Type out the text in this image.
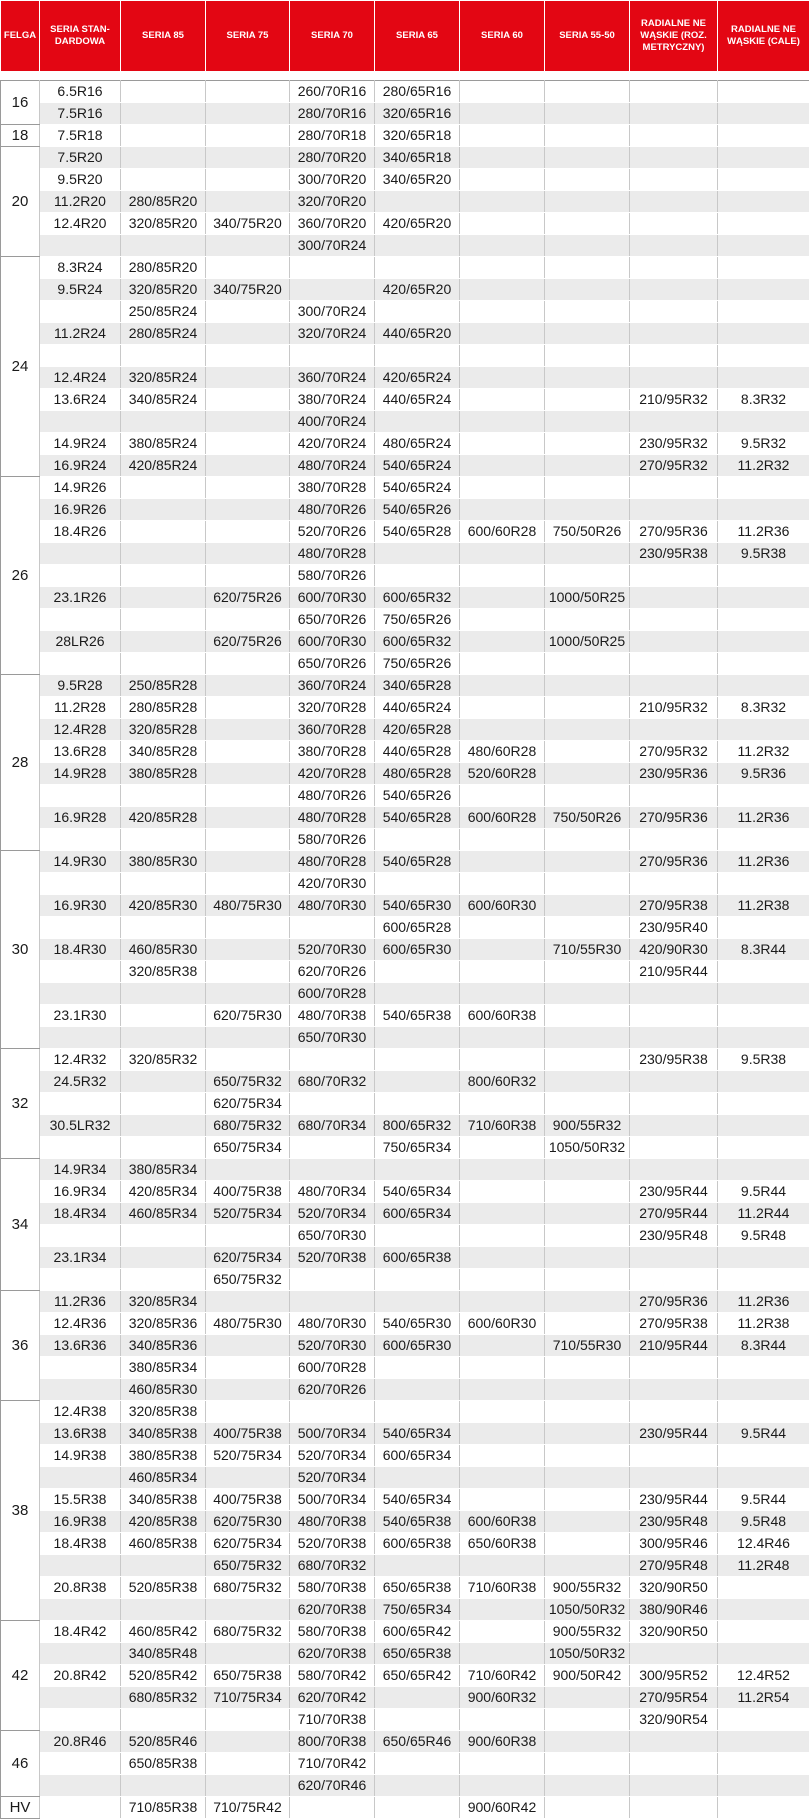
FELGA	SERIA STAN-DARDOWA	SERIA 85	SERIA 75	SERIA 70	SERIA 65	SERIA 60	SERIA 55-50	RADIALNE NE WĄSKIE (ROZ. METRYCZNY)	RADIALNE NE WĄSKIE (CALE)

16	6.5R16			260/70R16	280/65R16				
	7.5R16			280/70R16	320/65R16				
18	7.5R18			280/70R18	320/65R18				
20	7.5R20			280/70R20	340/65R18				
	9.5R20			300/70R20	340/65R20				
	11.2R20	280/85R20		320/70R20					
	12.4R20	320/85R20	340/75R20	360/70R20	420/65R20				
				300/70R24					
24	8.3R24	280/85R20							
	9.5R24	320/85R20	340/75R20		420/65R20				
		250/85R24		300/70R24					
	11.2R24	280/85R24		320/70R24	440/65R20				

	12.4R24	320/85R24		360/70R24	420/65R24				
	13.6R24	340/85R24		380/70R24	440/65R24			210/95R32	8.3R32
				400/70R24					
	14.9R24	380/85R24		420/70R24	480/65R24			230/95R32	9.5R32
	16.9R24	420/85R24		480/70R24	540/65R24			270/95R32	11.2R32
26	14.9R26			380/70R28	540/65R24				
	16.9R26			480/70R26	540/65R26				
	18.4R26			520/70R26	540/65R28	600/60R28	750/50R26	270/95R36	11.2R36
				480/70R28				230/95R38	9.5R38
				580/70R26					
	23.1R26		620/75R26	600/70R30	600/65R32		1000/50R25		
				650/70R26	750/65R26				
	28LR26		620/75R26	600/70R30	600/65R32		1000/50R25		
				650/70R26	750/65R26				
28	9.5R28	250/85R28		360/70R24	340/65R28				
	11.2R28	280/85R28		320/70R28	440/65R24			210/95R32	8.3R32
	12.4R28	320/85R28		360/70R28	420/65R28				
	13.6R28	340/85R28		380/70R28	440/65R28	480/60R28		270/95R32	11.2R32
	14.9R28	380/85R28		420/70R28	480/65R28	520/60R28		230/95R36	9.5R36
				480/70R26	540/65R26				
	16.9R28	420/85R28		480/70R28	540/65R28	600/60R28	750/50R26	270/95R36	11.2R36
				580/70R26					
30	14.9R30	380/85R30		480/70R28	540/65R28			270/95R36	11.2R36
				420/70R30					
	16.9R30	420/85R30	480/75R30	480/70R30	540/65R30	600/60R30		270/95R38	11.2R38
					600/65R28			230/95R40	
	18.4R30	460/85R30		520/70R30	600/65R30		710/55R30	420/90R30	8.3R44
		320/85R38		620/70R26				210/95R44	
				600/70R28					
	23.1R30		620/75R30	480/70R38	540/65R38	600/60R38			
				650/70R30					
32	12.4R32	320/85R32						230/95R38	9.5R38
	24.5R32		650/75R32	680/70R32		800/60R32			
			620/75R34						
	30.5LR32		680/75R32	680/70R34	800/65R32	710/60R38	900/55R32		
			650/75R34		750/65R34		1050/50R32		
34	14.9R34	380/85R34							
	16.9R34	420/85R34	400/75R38	480/70R34	540/65R34			230/95R44	9.5R44
	18.4R34	460/85R34	520/75R34	520/70R34	600/65R34			270/95R44	11.2R44
				650/70R30				230/95R48	9.5R48
	23.1R34		620/75R34	520/70R38	600/65R38				
			650/75R32						
36	11.2R36	320/85R34						270/95R36	11.2R36
	12.4R36	320/85R36	480/75R30	480/70R30	540/65R30	600/60R30		270/95R38	11.2R38
	13.6R36	340/85R36		520/70R30	600/65R30		710/55R30	210/95R44	8.3R44
		380/85R34		600/70R28					
		460/85R30		620/70R26					
38	12.4R38	320/85R38							
	13.6R38	340/85R38	400/75R38	500/70R34	540/65R34			230/95R44	9.5R44
	14.9R38	380/85R38	520/75R34	520/70R34	600/65R34				
		460/85R34		520/70R34					
	15.5R38	340/85R38	400/75R38	500/70R34	540/65R34			230/95R44	9.5R44
	16.9R38	420/85R38	620/75R30	480/70R38	540/65R38	600/60R38		230/95R48	9.5R48
	18.4R38	460/85R38	620/75R34	520/70R38	600/65R38	650/60R38		300/95R46	12.4R46
			650/75R32	680/70R32				270/95R48	11.2R48
	20.8R38	520/85R38	680/75R32	580/70R38	650/65R38	710/60R38	900/55R32	320/90R50	
				620/70R38	750/65R34		1050/50R32	380/90R46	
42	18.4R42	460/85R42	680/75R32	580/70R38	600/65R42		900/55R32	320/90R50	
		340/85R48		620/70R38	650/65R38		1050/50R32		
	20.8R42	520/85R42	650/75R38	580/70R42	650/65R42	710/60R42	900/50R42	300/95R52	12.4R52
		680/85R32	710/75R34	620/70R42		900/60R32		270/95R54	11.2R54
				710/70R38				320/90R54	
46	20.8R46	520/85R46		800/70R38	650/65R46	900/60R38			
		650/85R38		710/70R42					
				620/70R46					
HV		710/85R38	710/75R42			900/60R42			
